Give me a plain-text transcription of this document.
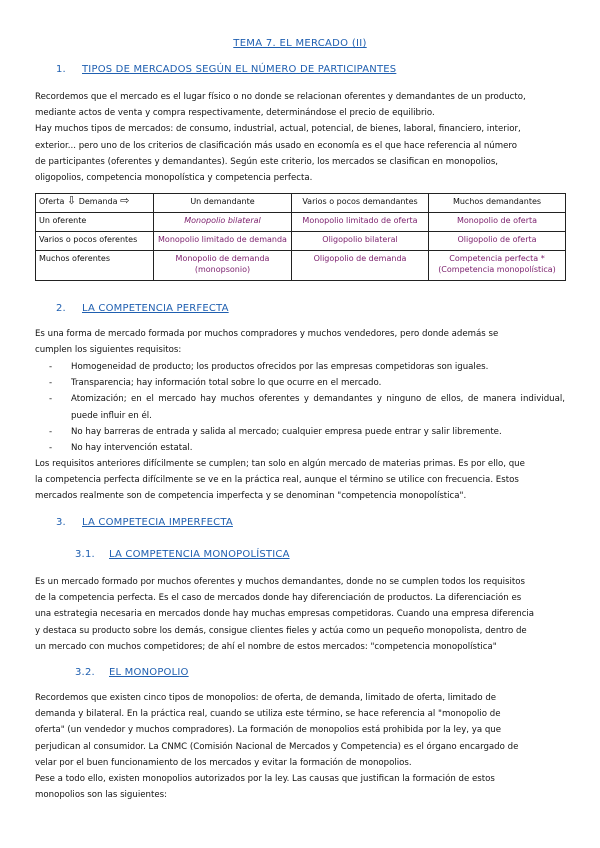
TEMA 7. EL MERCADO (II)
1. TIPOS DE MERCADOS SEGÚN EL NÚMERO DE PARTICIPANTES
Recordemos que el mercado es el lugar físico o no donde se relacionan oferentes y demandantes de un producto,
mediante actos de venta y compra respectivamente, determinándose el precio de equilibrio.
Hay muchos tipos de mercados: de consumo, industrial, actual, potencial, de bienes, laboral, financiero, interior,
exterior... pero uno de los criterios de clasificación más usado en economía es el que hace referencia al número
de participantes (oferentes y demandantes). Según este criterio, los mercados se clasifican en monopolios,
oligopolios, competencia monopolística y competencia perfecta.
Oferta ⇩ Demanda ⇨	Un demandante	Varios o pocos demandantes	Muchos demandantes
Un oferente	Monopolio bilateral	Monopolio limitado de oferta	Monopolio de oferta
Varios o pocos oferentes	Monopolio limitado de demanda	Oligopolio bilateral	Oligopolio de oferta
Muchos oferentes	Monopolio de demanda (monopsonio)	Oligopolio de demanda	Competencia perfecta * (Competencia monopolística)
2. LA COMPETENCIA PERFECTA
Es una forma de mercado formada por muchos compradores y muchos vendedores, pero donde además se
cumplen los siguientes requisitos:
- Homogeneidad de producto; los productos ofrecidos por las empresas competidoras son iguales.
- Transparencia; hay información total sobre lo que ocurre en el mercado.
- Atomización; en el mercado hay muchos oferentes y demandantes y ninguno de ellos, de manera individual, puede influir en él.
- No hay barreras de entrada y salida al mercado; cualquier empresa puede entrar y salir libremente.
- No hay intervención estatal.
Los requisitos anteriores difícilmente se cumplen; tan solo en algún mercado de materias primas. Es por ello, que
la competencia perfecta difícilmente se ve en la práctica real, aunque el término se utilice con frecuencia. Estos
mercados realmente son de competencia imperfecta y se denominan "competencia monopolística".
3. LA COMPETECIA IMPERFECTA
3.1. LA COMPETENCIA MONOPOLÍSTICA
Es un mercado formado por muchos oferentes y muchos demandantes, donde no se cumplen todos los requisitos
de la competencia perfecta. Es el caso de mercados donde hay diferenciación de productos. La diferenciación es
una estrategia necesaria en mercados donde hay muchas empresas competidoras. Cuando una empresa diferencia
y destaca su producto sobre los demás, consigue clientes fieles y actúa como un pequeño monopolista, dentro de
un mercado con muchos competidores; de ahí el nombre de estos mercados: "competencia monopolística"
3.2. EL MONOPOLIO
Recordemos que existen cinco tipos de monopolios: de oferta, de demanda, limitado de oferta, limitado de
demanda y bilateral. En la práctica real, cuando se utiliza este término, se hace referencia al "monopolio de
oferta" (un vendedor y muchos compradores). La formación de monopolios está prohibida por la ley, ya que
perjudican al consumidor. La CNMC (Comisión Nacional de Mercados y Competencia) es el órgano encargado de
velar por el buen funcionamiento de los mercados y evitar la formación de monopolios.
Pese a todo ello, existen monopolios autorizados por la ley. Las causas que justifican la formación de estos
monopolios son las siguientes:
